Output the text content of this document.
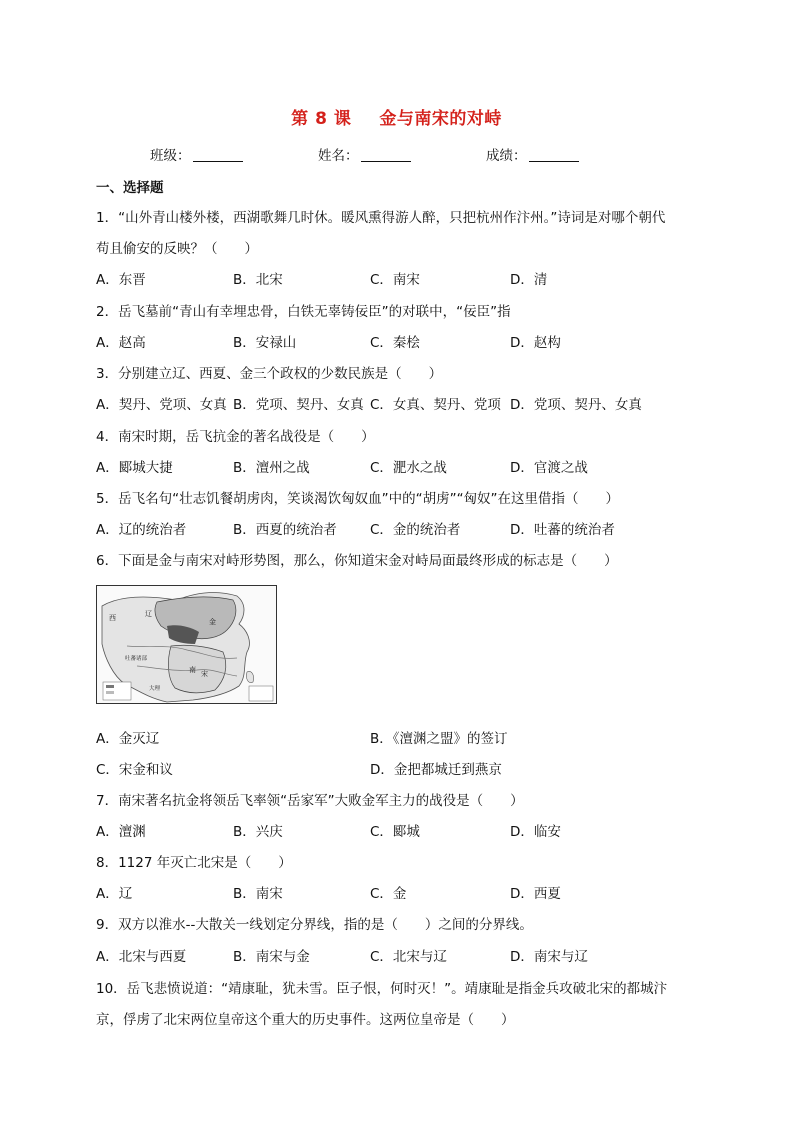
第 8 课 金与南宋的对峙
班级：	姓名：	成绩：
一、选择题
1．“山外青山楼外楼，西湖歌舞几时休。暖风熏得游人醉，只把杭州作汴州。”诗词是对哪个朝代
苟且偷安的反映？（　　）
A．东晋	B．北宋	C．南宋	D．清
2．岳飞墓前“青山有幸埋忠骨，白铁无辜铸佞臣”的对联中，“佞臣”指
A．赵高	B．安禄山	C．秦桧	D．赵构
3．分别建立辽、西夏、金三个政权的少数民族是（　　）
A．契丹、党项、女真 B．党项、契丹、女真 C．女真、契丹、党项 D．党项、契丹、女真
4．南宋时期，岳飞抗金的著名战役是（　　）
A．郾城大捷	B．澶州之战	C．淝水之战	D．官渡之战
5．岳飞名句“壮志饥餐胡虏肉，笑谈渴饮匈奴血”中的“胡虏”“匈奴”在这里借指（　　）
A．辽的统治者	B．西夏的统治者 C．金的统治者	D．吐蕃的统治者
6．下面是金与南宋对峙形势图，那么，你知道宋金对峙局面最终形成的标志是（　　）
西	辽
金
南 宋
吐蕃诸部
大理
A．金灭辽	B．《澶渊之盟》的签订
C．宋金和议	D．金把都城迁到燕京
7．南宋著名抗金将领岳飞率领“岳家军”大败金军主力的战役是（　　）
A．澶渊	B．兴庆	C．郾城	D．临安
8．1127 年灭亡北宋是（　　）
A．辽	B．南宋	C．金	D．西夏
9．双方以淮水--大散关一线划定分界线，指的是（　　）之间的分界线。
A．北宋与西夏	B．南宋与金	C．北宋与辽	D．南宋与辽
10．岳飞悲愤说道：“靖康耻，犹未雪。臣子恨，何时灭！”。靖康耻是指金兵攻破北宋的都城汴
京，俘虏了北宋两位皇帝这个重大的历史事件。这两位皇帝是（　　）
